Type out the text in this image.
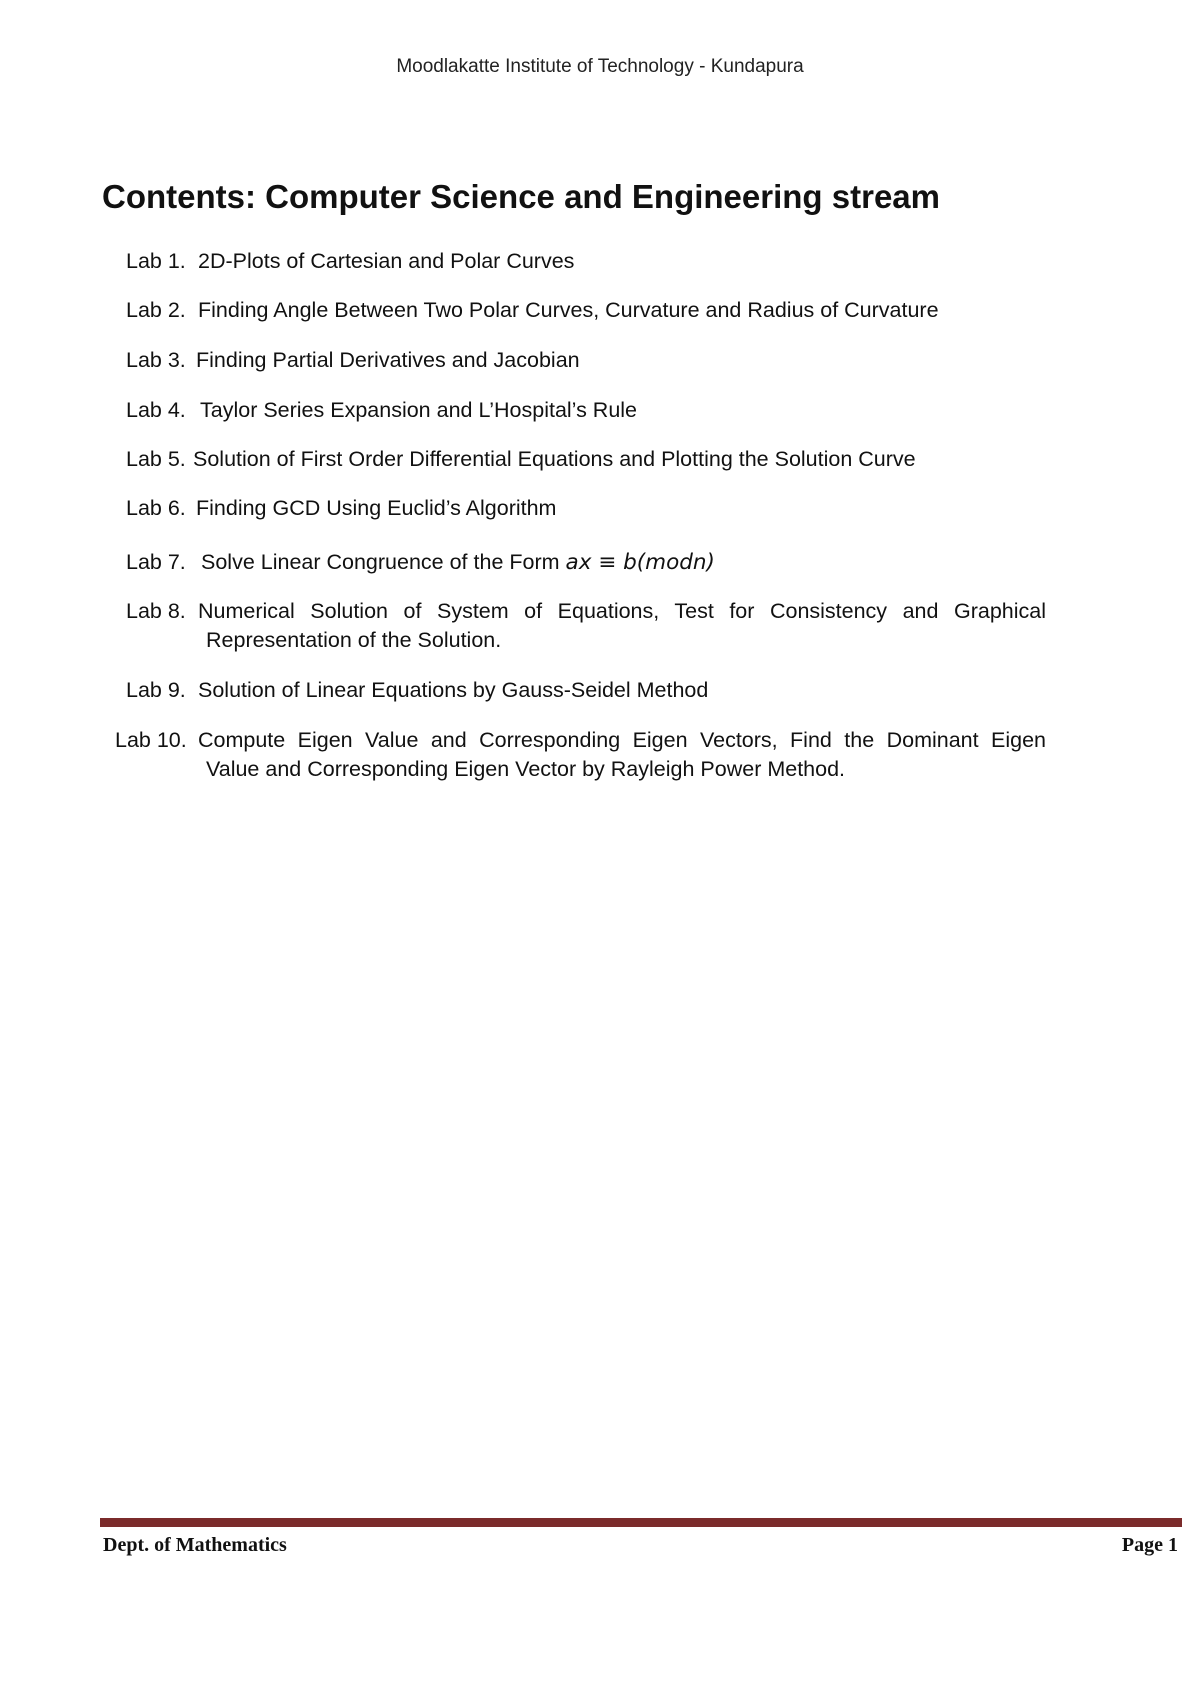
Moodlakatte Institute of Technology - Kundapura
Contents: Computer Science and Engineering stream
Lab 1. 2D-Plots of Cartesian and Polar Curves
Lab 2. Finding Angle Between Two Polar Curves, Curvature and Radius of Curvature
Lab 3. Finding Partial Derivatives and Jacobian
Lab 4. Taylor Series Expansion and L’Hospital’s Rule
Lab 5. Solution of First Order Differential Equations and Plotting the Solution Curve
Lab 6. Finding GCD Using Euclid’s Algorithm
Lab 7. Solve Linear Congruence of the Form ax ≡ b(modn)
Lab 8. Numerical Solution of System of Equations, Test for Consistency and Graphical
Representation of the Solution.
Lab 9. Solution of Linear Equations by Gauss-Seidel Method
Lab 10. Compute Eigen Value and Corresponding Eigen Vectors, Find the Dominant Eigen
Value and Corresponding Eigen Vector by Rayleigh Power Method.
Dept. of Mathematics	Page 1
